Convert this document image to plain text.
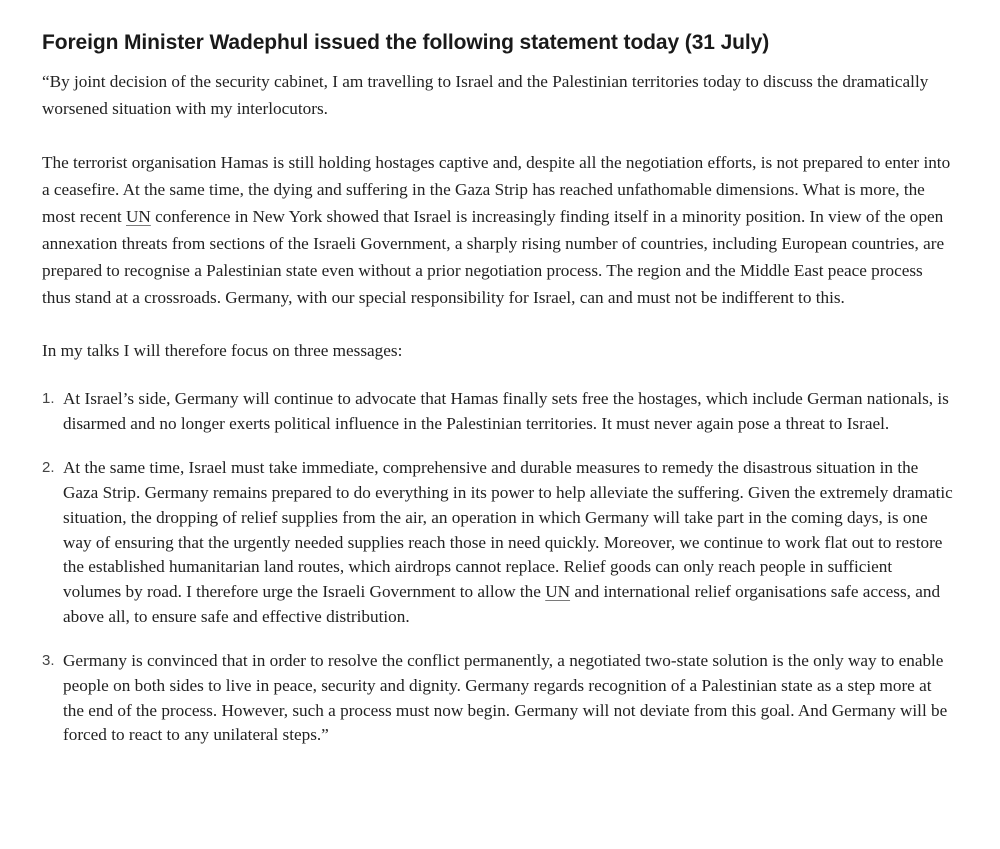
Foreign Minister Wadephul issued the following statement today (31 July)

“By joint decision of the security cabinet, I am travelling to Israel and the Palestinian territories today to discuss the dramatically worsened situation with my interlocutors.

The terrorist organisation Hamas is still holding hostages captive and, despite all the negotiation efforts, is not prepared to enter into a ceasefire. At the same time, the dying and suffering in the Gaza Strip has reached unfathomable dimensions. What is more, the most recent UN conference in New York showed that Israel is increasingly finding itself in a minority position. In view of the open annexation threats from sections of the Israeli Government, a sharply rising number of countries, including European countries, are prepared to recognise a Palestinian state even without a prior negotiation process. The region and the Middle East peace process thus stand at a crossroads. Germany, with our special responsibility for Israel, can and must not be indifferent to this.

In my talks I will therefore focus on three messages:

1. At Israel’s side, Germany will continue to advocate that Hamas finally sets free the hostages, which include German nationals, is disarmed and no longer exerts political influence in the Palestinian territories. It must never again pose a threat to Israel.
2. At the same time, Israel must take immediate, comprehensive and durable measures to remedy the disastrous situation in the Gaza Strip. Germany remains prepared to do everything in its power to help alleviate the suffering. Given the extremely dramatic situation, the dropping of relief supplies from the air, an operation in which Germany will take part in the coming days, is one way of ensuring that the urgently needed supplies reach those in need quickly. Moreover, we continue to work flat out to restore the established humanitarian land routes, which airdrops cannot replace. Relief goods can only reach people in sufficient volumes by road. I therefore urge the Israeli Government to allow the UN and international relief organisations safe access, and above all, to ensure safe and effective distribution.
3. Germany is convinced that in order to resolve the conflict permanently, a negotiated two-state solution is the only way to enable people on both sides to live in peace, security and dignity. Germany regards recognition of a Palestinian state as a step more at the end of the process. However, such a process must now begin. Germany will not deviate from this goal. And Germany will be forced to react to any unilateral steps.”
